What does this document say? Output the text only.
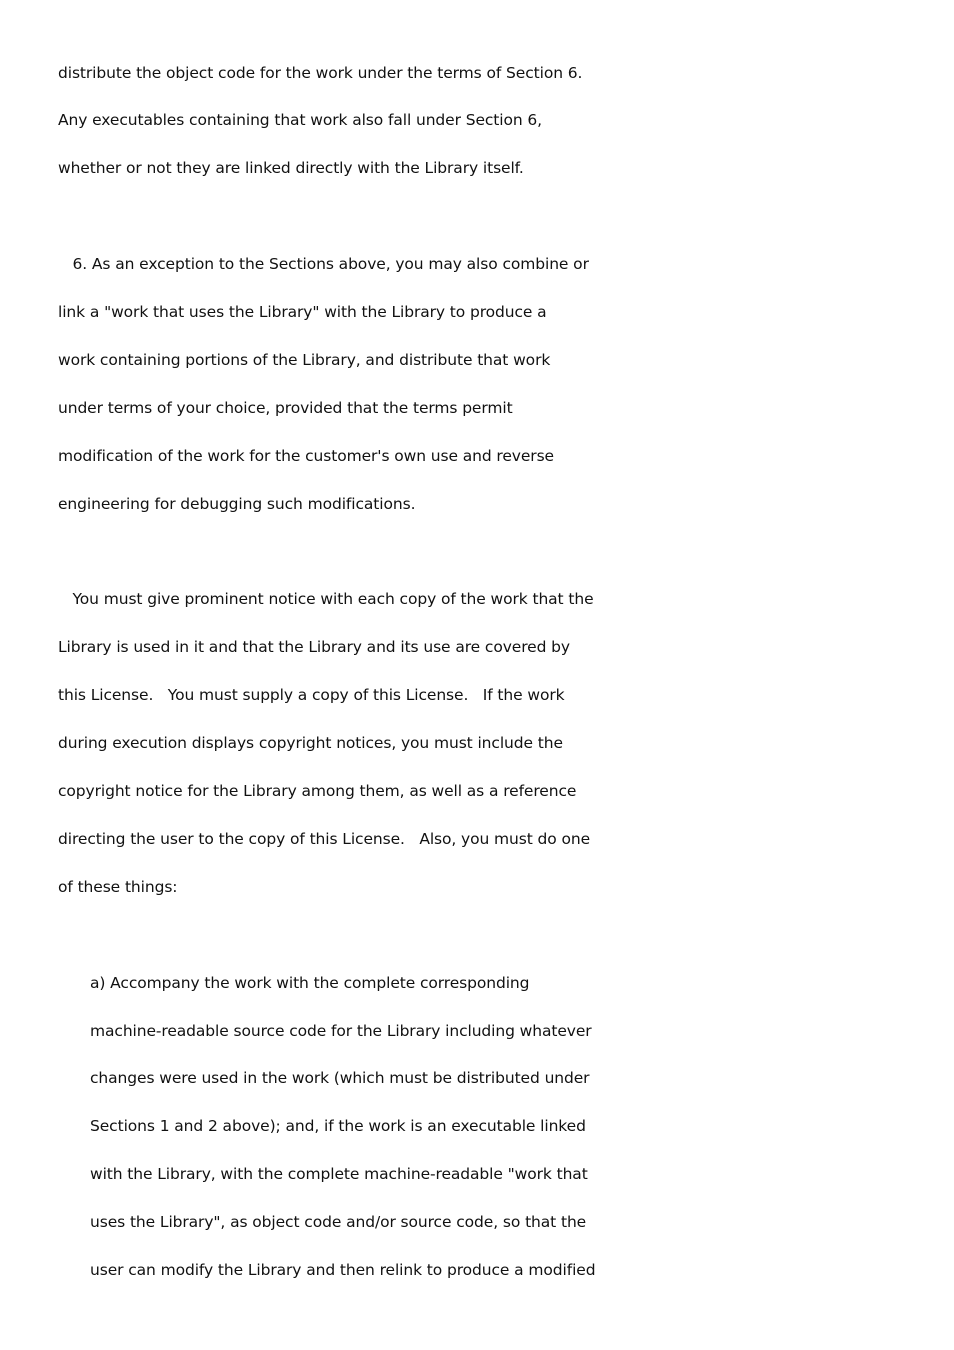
distribute the object code for the work under the terms of Section 6.
Any executables containing that work also fall under Section 6,
whether or not they are linked directly with the Library itself.
6. As an exception to the Sections above, you may also combine or
link a "work that uses the Library" with the Library to produce a
work containing portions of the Library, and distribute that work
under terms of your choice, provided that the terms permit
modification of the work for the customer's own use and reverse
engineering for debugging such modifications.
You must give prominent notice with each copy of the work that the
Library is used in it and that the Library and its use are covered by
this License.   You must supply a copy of this License.   If the work
during execution displays copyright notices, you must include the
copyright notice for the Library among them, as well as a reference
directing the user to the copy of this License.   Also, you must do one
of these things:
a) Accompany the work with the complete corresponding
machine-readable source code for the Library including whatever
changes were used in the work (which must be distributed under
Sections 1 and 2 above); and, if the work is an executable linked
with the Library, with the complete machine-readable "work that
uses the Library", as object code and/or source code, so that the
user can modify the Library and then relink to produce a modified
